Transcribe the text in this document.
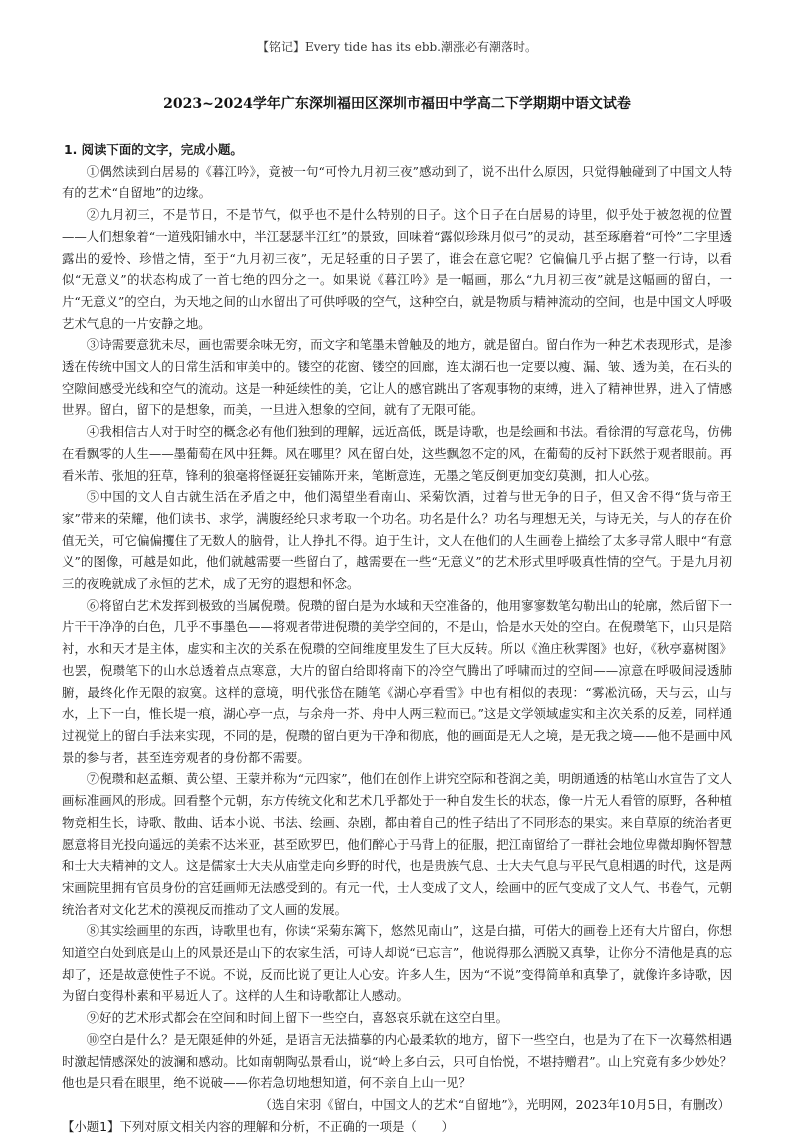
【铭记】Every tide has its ebb.潮涨必有潮落时。
2023~2024学年广东深圳福田区深圳市福田中学高二下学期期中语文试卷

1. 阅读下面的文字，完成小题。

①偶然读到白居易的《暮江吟》，竟被一句“可怜九月初三夜”感动到了，说不出什么原因，只觉得触碰到了中国文人特有的艺术“自留地”的边缘。

②九月初三，不是节日，不是节气，似乎也不是什么特别的日子。这个日子在白居易的诗里，似乎处于被忽视的位置——人们想象着“一道残阳铺水中，半江瑟瑟半江红”的景致，回味着“露似珍珠月似弓”的灵动，甚至琢磨着“可怜”二字里透露出的爱怜、珍惜之情，至于“九月初三夜”，无足轻重的日子罢了，谁会在意它呢？它偏偏几乎占据了整一行诗，以看似“无意义”的状态构成了一首七绝的四分之一。如果说《暮江吟》是一幅画，那么“九月初三夜”就是这幅画的留白，一片“无意义”的空白，为天地之间的山水留出了可供呼吸的空气，这种空白，就是物质与精神流动的空间，也是中国文人呼吸艺术气息的一片安静之地。

③诗需要意犹未尽，画也需要余味无穷，而文字和笔墨未曾触及的地方，就是留白。留白作为一种艺术表现形式，是渗透在传统中国文人的日常生活和审美中的。镂空的花窗、镂空的回廊，连太湖石也一定要以瘦、漏、皱、透为美，在石头的空隙间感受光线和空气的流动。这是一种延续性的美，它让人的感官跳出了客观事物的束缚，进入了精神世界，进入了情感世界。留白，留下的是想象，而美，一旦进入想象的空间，就有了无限可能。

④我相信古人对于时空的概念必有他们独到的理解，远近高低，既是诗歌，也是绘画和书法。看徐渭的写意花鸟，仿佛在看飘零的人生——墨葡萄在风中狂舞。风在哪里？风在留白处，这些飘忽不定的风，在葡萄的反衬下跃然于观者眼前。再看米芾、张旭的狂草，锋利的狼毫将怪诞狂妄铺陈开来，笔断意连，无墨之笔反倒更加变幻莫测，扣人心弦。

⑤中国的文人自古就生活在矛盾之中，他们渴望坐看南山、采菊饮酒，过着与世无争的日子，但又舍不得“货与帝王家”带来的荣耀，他们读书、求学，满腹经纶只求考取一个功名。功名是什么？功名与理想无关，与诗无关，与人的存在价值无关，可它偏偏攫住了无数人的脑骨，让人挣扎不得。迫于生计，文人在他们的人生画卷上描绘了太多寻常人眼中“有意义”的图像，可越是如此，他们就越需要一些留白了，越需要在一些“无意义”的艺术形式里呼吸真性情的空气。于是九月初三的夜晚就成了永恒的艺术，成了无穷的遐想和怀念。

⑥将留白艺术发挥到极致的当属倪瓒。倪瓒的留白是为水域和天空准备的，他用寥寥数笔勾勒出山的轮廓，然后留下一片干干净净的白色，几乎不事墨色——将观者带进倪瓒的美学空间的，不是山，恰是水天处的空白。在倪瓒笔下，山只是陪衬，水和天才是主体，虚实和主次的关系在倪瓒的空间维度里发生了巨大反转。所以《渔庄秋霁图》也好，《秋亭嘉树图》也罢，倪瓒笔下的山水总透着点点寒意，大片的留白给即将南下的冷空气腾出了呼啸而过的空间——凉意在呼吸间浸透肺腑，最终化作无限的寂寞。这样的意境，明代张岱在随笔《湖心亭看雪》中也有相似的表现：“雾凇沆砀，天与云，山与水，上下一白，惟长堤一痕，湖心亭一点，与余舟一芥、舟中人两三粒而已。”这是文学领域虚实和主次关系的反差，同样通过视觉上的留白手法来实现，不同的是，倪瓒的留白更为干净和彻底，他的画面是无人之境，是无我之境——他不是画中风景的参与者，甚至连旁观者的身份都不需要。

⑦倪瓒和赵孟頫、黄公望、王蒙并称为“元四家”，他们在创作上讲究空际和苍润之美，明朗通透的枯笔山水宣告了文人画标准画风的形成。回看整个元朝，东方传统文化和艺术几乎都处于一种自发生长的状态，像一片无人看管的原野，各种植物竞相生长，诗歌、散曲、话本小说、书法、绘画、杂剧，都由着自己的性子结出了不同形态的果实。来自草原的统治者更愿意将目光投向遥远的美索不达米亚，甚至欧罗巴，他们醉心于马背上的征服，把江南留给了一群社会地位卑微却胸怀智慧和士大夫精神的文人。这是儒家士大夫从庙堂走向乡野的时代，也是贵族气息、士大夫气息与平民气息相遇的时代，这是两宋画院里拥有官员身份的宫廷画师无法感受到的。有元一代，士人变成了文人，绘画中的匠气变成了文人气、书卷气，元朝统治者对文化艺术的漠视反而推动了文人画的发展。

⑧其实绘画里的东西，诗歌里也有，你读“采菊东篱下，悠然见南山”，这是白描，可偌大的画卷上还有大片留白，你想知道空白处到底是山上的风景还是山下的农家生活，可诗人却说“已忘言”，他说得那么洒脱又真挚，让你分不清他是真的忘却了，还是故意使性子不说。不说，反而比说了更让人心安。许多人生，因为“不说”变得简单和真挚了，就像许多诗歌，因为留白变得朴素和平易近人了。这样的人生和诗歌都让人感动。

⑨好的艺术形式都会在空间和时间上留下一些空白，喜怒哀乐就在这空白里。

⑩空白是什么？是无限延伸的外延，是语言无法描摹的内心最柔软的地方，留下一些空白，也是为了在下一次蓦然相遇时激起情感深处的波澜和感动。比如南朝陶弘景看山，说“岭上多白云，只可自怡悦，不堪持赠君”。山上究竟有多少妙处？他也是只看在眼里，绝不说破——你若急切地想知道，何不亲自上山一见？

（选自宋羽《留白，中国文人的艺术“自留地”》，光明网，2023年10月5日，有删改）

【小题1】下列对原文相关内容的理解和分析，不正确的一项是（　　）
